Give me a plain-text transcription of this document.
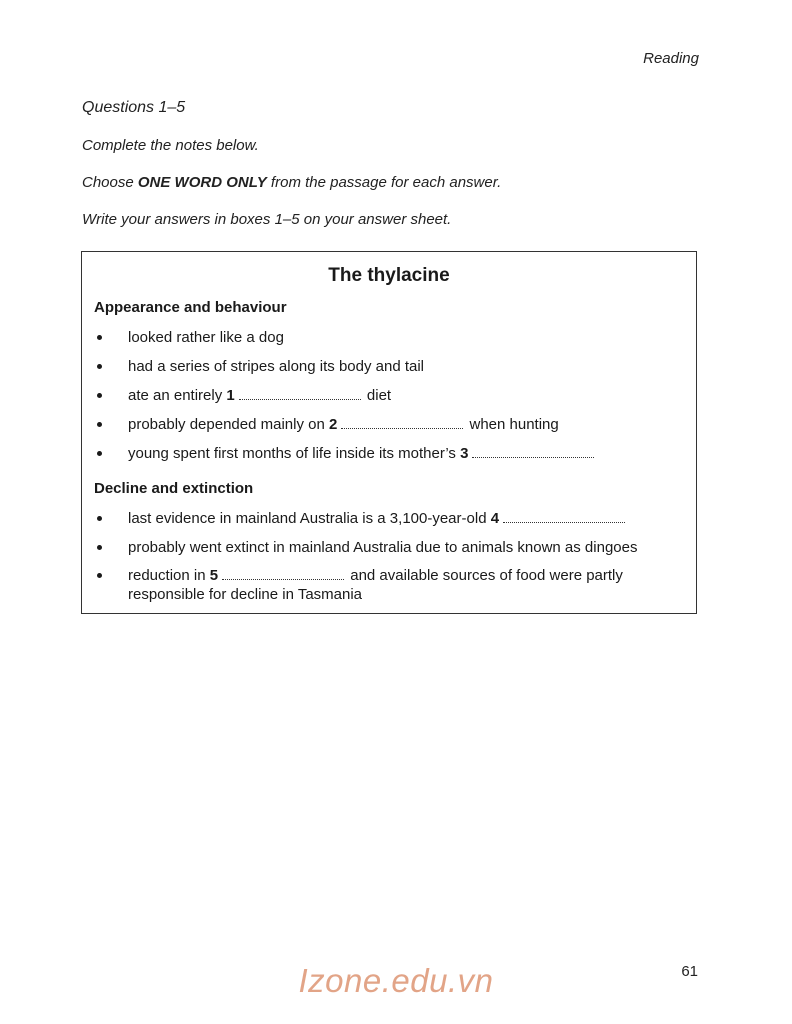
Reading
Questions 1–5
Complete the notes below.
Choose ONE WORD ONLY from the passage for each answer.
Write your answers in boxes 1–5 on your answer sheet.
The thylacine
Appearance and behaviour
looked rather like a dog
had a series of stripes along its body and tail
ate an entirely 1	diet
probably depended mainly on 2	when hunting
young spent first months of life inside its mother’s 3
Decline and extinction
last evidence in mainland Australia is a 3,100-year-old 4
probably went extinct in mainland Australia due to animals known as dingoes
reduction in 5	and available sources of food were partly responsible for decline in Tasmania
Izone.edu.vn	61
